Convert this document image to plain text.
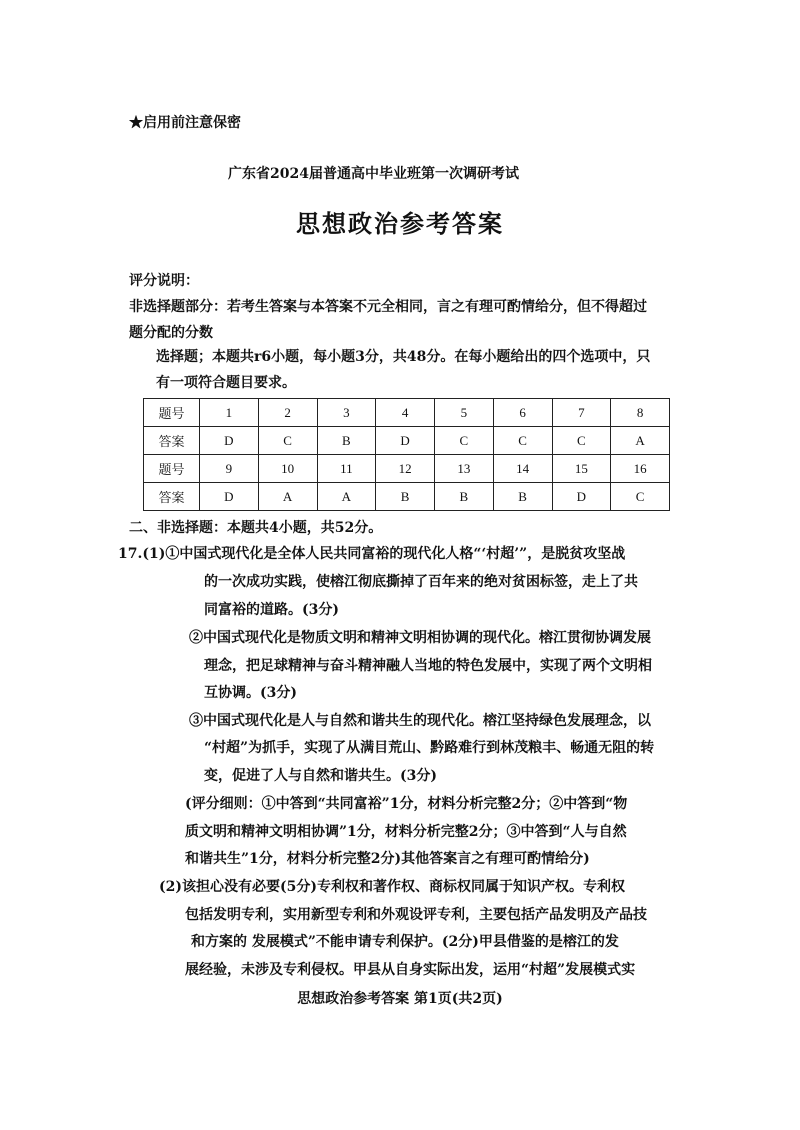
★启用前注意保密
广东省2024届普通高中毕业班第一次调研考试
思想政治参考答案
评分说明：
非选择题部分：若考生答案与本答案不元全相同，言之有理可酌情给分，但不得超过
题分配的分数
选择题；本题共r6小题，每小题3分，共48分。在每小题给出的四个选项中，只
有一项符合题目要求。
题号	1	2	3	4	5	6	7	8
答案	D	C	B	D	C	C	C	A
题号	9	10	11	12	13	14	15	16
答案	D	A	A	B	B	B	D	C
二、非选择题：本题共4小题，共52分。
17.(1)①中国式现代化是全体人民共同富裕的现代化人格“‘村超’”，是脱贫攻坚战
的一次成功实践，使榕江彻底撕掉了百年来的绝对贫困标签，走上了共
同富裕的道路。(3分)
②中国式现代化是物质文明和精神文明相协调的现代化。榕江贯彻协调发展
理念，把足球精神与奋斗精神融人当地的特色发展中，实现了两个文明相
互协调。(3分)
③中国式现代化是人与自然和谐共生的现代化。榕江坚持绿色发展理念，以
“村超”为抓手，实现了从满目荒山、黔路难行到林茂粮丰、畅通无阻的转
变，促进了人与自然和谐共生。(3分)
(评分细则：①中答到“共同富裕”1分，材料分析完整2分；②中答到“物
质文明和精神文明相协调”1分，材料分析完整2分；③中答到“人与自然
和谐共生”1分，材料分析完整2分)其他答案言之有理可酌情给分)
(2)该担心没有必要(5分)专利权和著作权、商标权同属于知识产权。专利权
包括发明专利，实用新型专利和外观设评专利，主要包括产品发明及产品技
和方案的 发展模式”不能申请专利保护。(2分)甲县借鉴的是榕江的发
展经验，未涉及专利侵权。甲县从自身实际出发，运用“村超”发展模式实
思想政治参考答案 第1页(共2页)
